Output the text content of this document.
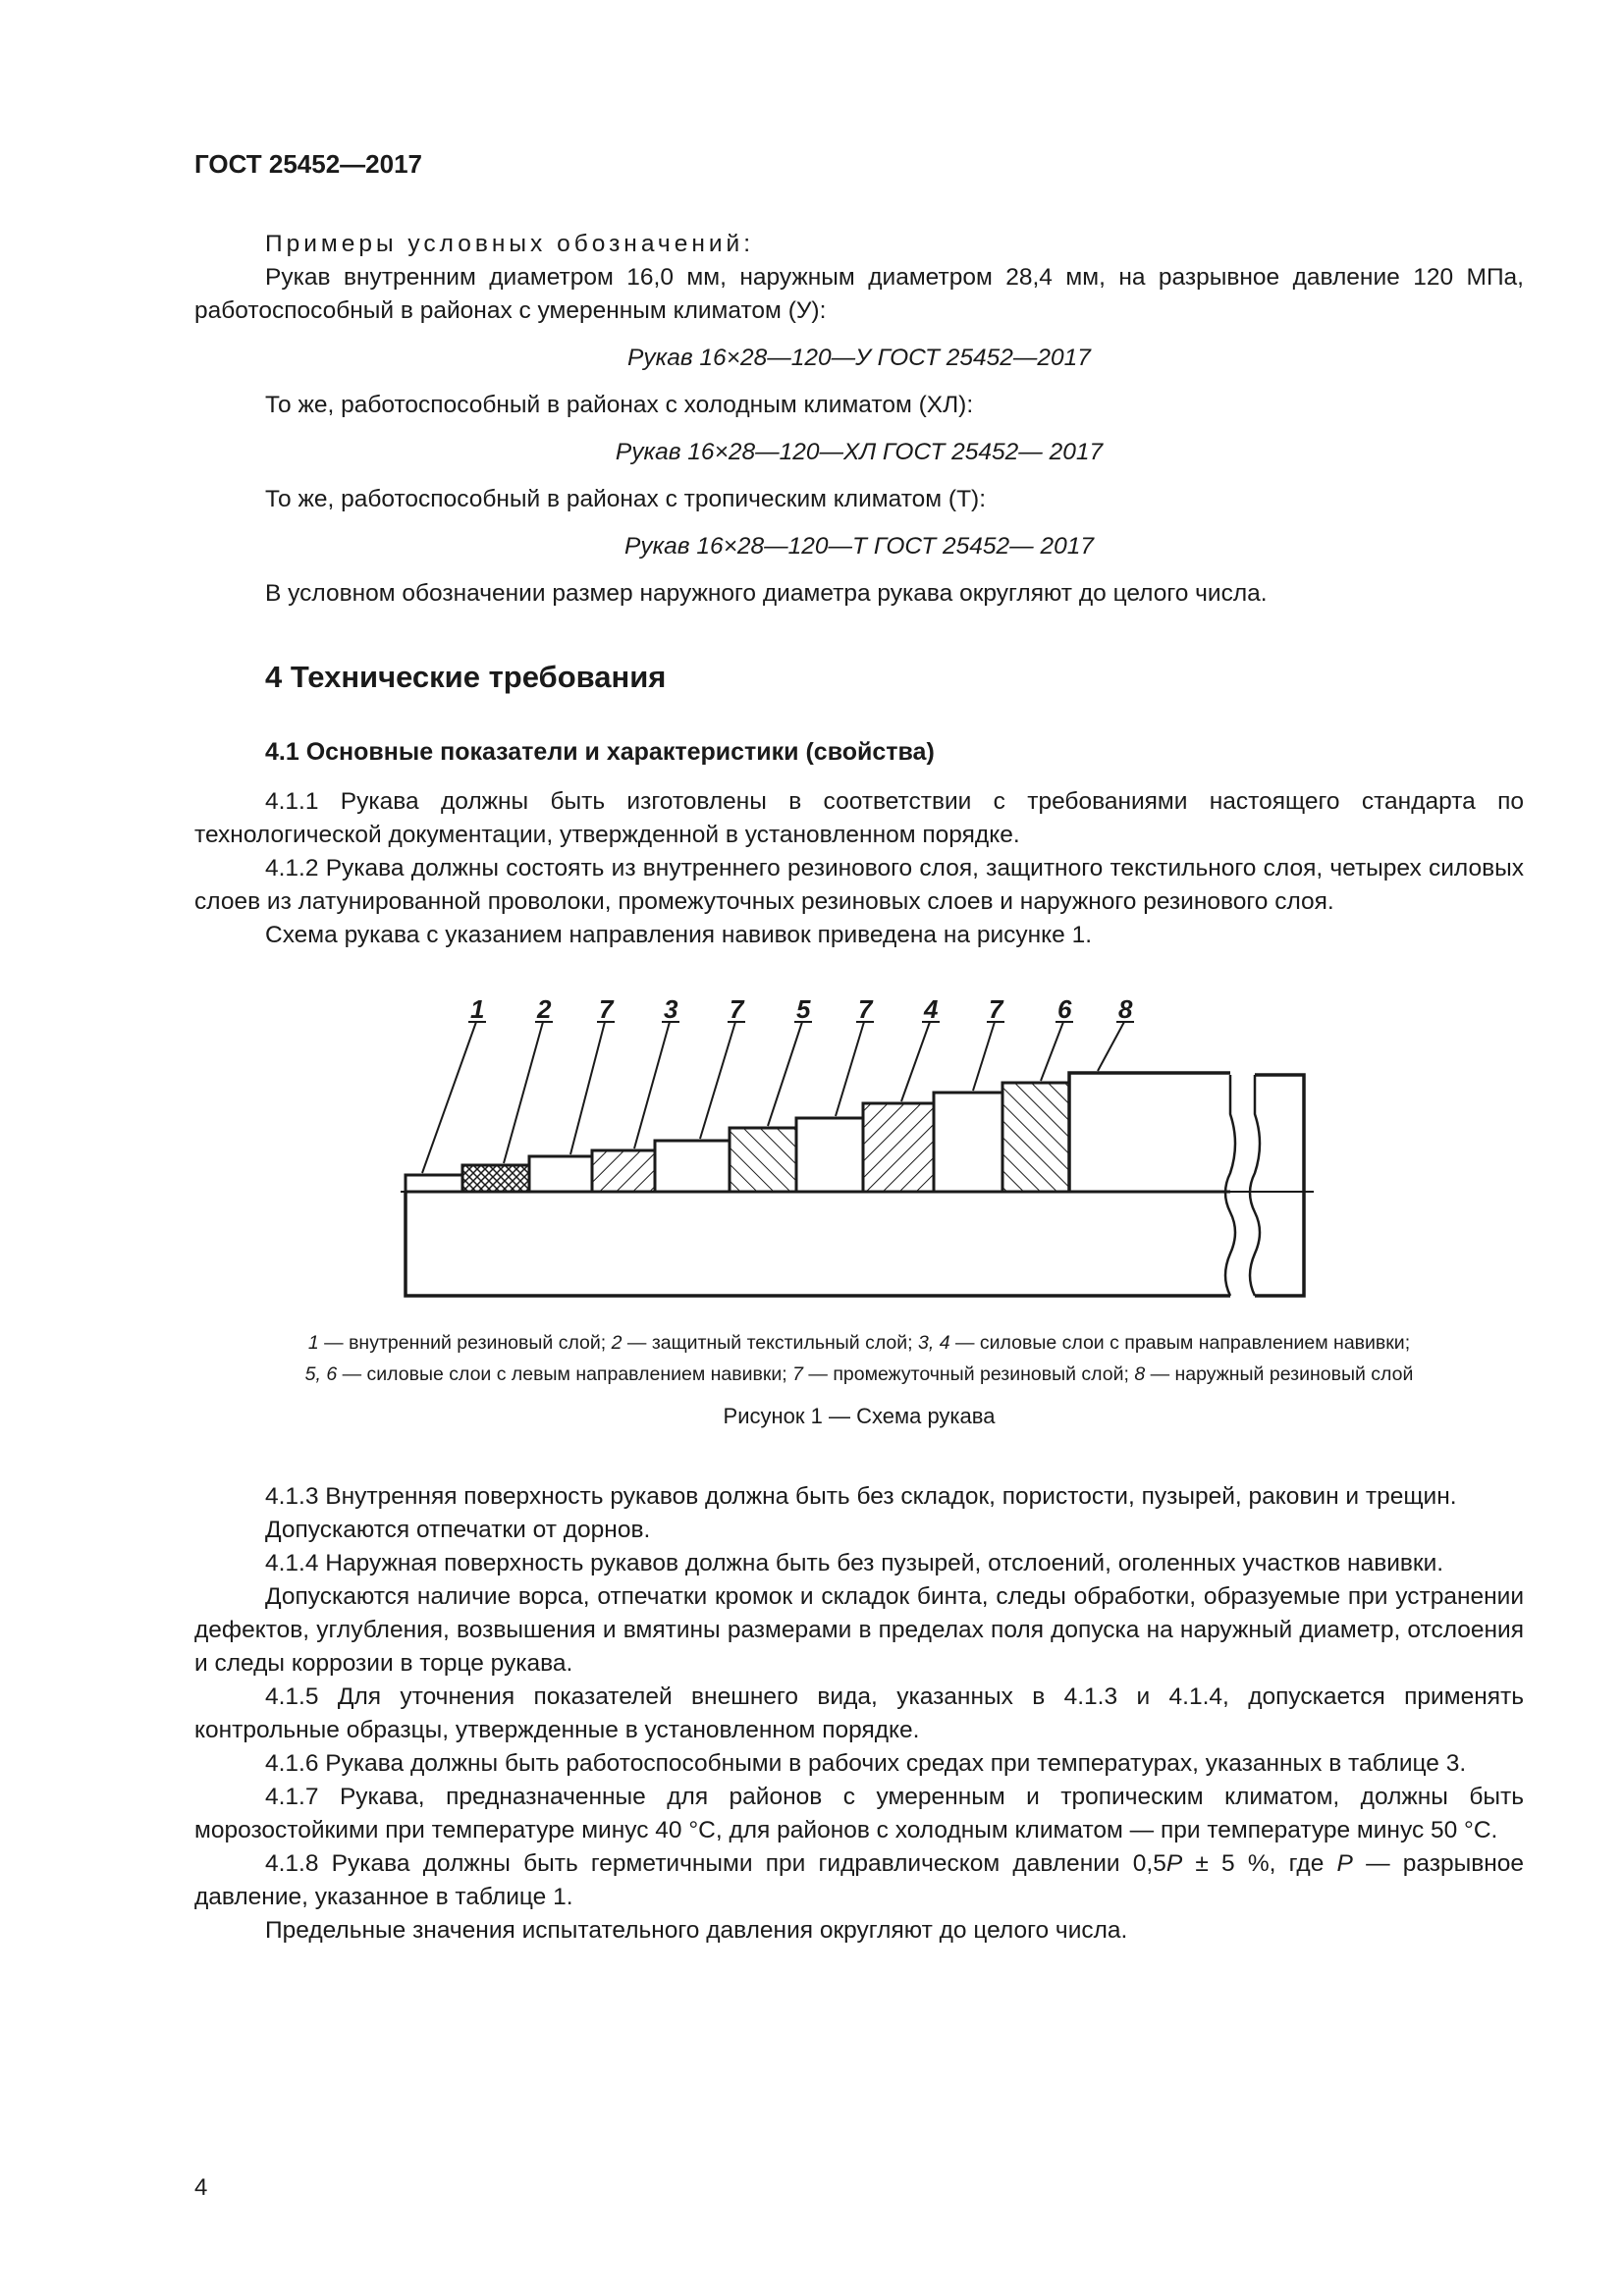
ГОСТ 25452—2017

Примеры условных обозначений:

Рукав внутренним диаметром 16,0 мм, наружным диаметром 28,4 мм, на разрывное давление 120 МПа, работоспособный в районах с умеренным климатом (У):

Рукав 16×28—120—У ГОСТ 25452—2017

То же, работоспособный в районах с холодным климатом (ХЛ):

Рукав 16×28—120—ХЛ ГОСТ 25452— 2017

То же, работоспособный в районах с тропическим климатом (Т):

Рукав 16×28—120—Т ГОСТ 25452— 2017

В условном обозначении размер наружного диаметра рукава округляют до целого числа.

4 Технические требования
4.1 Основные показатели и характеристики (свойства)

4.1.1 Рукава должны быть изготовлены в соответствии с требованиями настоящего стандарта по технологической документации, утвержденной в установленном порядке.

4.1.2 Рукава должны состоять из внутреннего резинового слоя, защитного текстильного слоя, четырех силовых слоев из латунированной проволоки, промежуточных резиновых слоев и наружного резинового слоя.

Схема рукава с указанием направления навивок приведена на рисунке 1.

1 2 7 3 7 5 7 4 7 6 8
1 — внутренний резиновый слой; 2 — защитный текстильный слой; 3, 4 — силовые слои с правым направлением навивки;
5, 6 — силовые слои с левым направлением навивки; 7 — промежуточный резиновый слой; 8 — наружный резиновый слой
Рисунок 1 — Схема рукава

4.1.3 Внутренняя поверхность рукавов должна быть без складок, пористости, пузырей, раковин и трещин.

Допускаются отпечатки от дорнов.

4.1.4 Наружная поверхность рукавов должна быть без пузырей, отслоений, оголенных участков навивки.

Допускаются наличие ворса, отпечатки кромок и складок бинта, следы обработки, образуемые при устранении дефектов, углубления, возвышения и вмятины размерами в пределах поля допуска на наружный диаметр, отслоения и следы коррозии в торце рукава.

4.1.5 Для уточнения показателей внешнего вида, указанных в 4.1.3 и 4.1.4, допускается применять контрольные образцы, утвержденные в установленном порядке.

4.1.6 Рукава должны быть работоспособными в рабочих средах при температурах, указанных в таблице 3.

4.1.7 Рукава, предназначенные для районов с умеренным и тропическим климатом, должны быть морозостойкими при температуре минус 40 °С, для районов с холодным климатом — при температуре минус 50 °С.

4.1.8 Рукава должны быть герметичными при гидравлическом давлении 0,5P ± 5 %, где P — разрывное давление, указанное в таблице 1.

Предельные значения испытательного давления округляют до целого числа.

4
